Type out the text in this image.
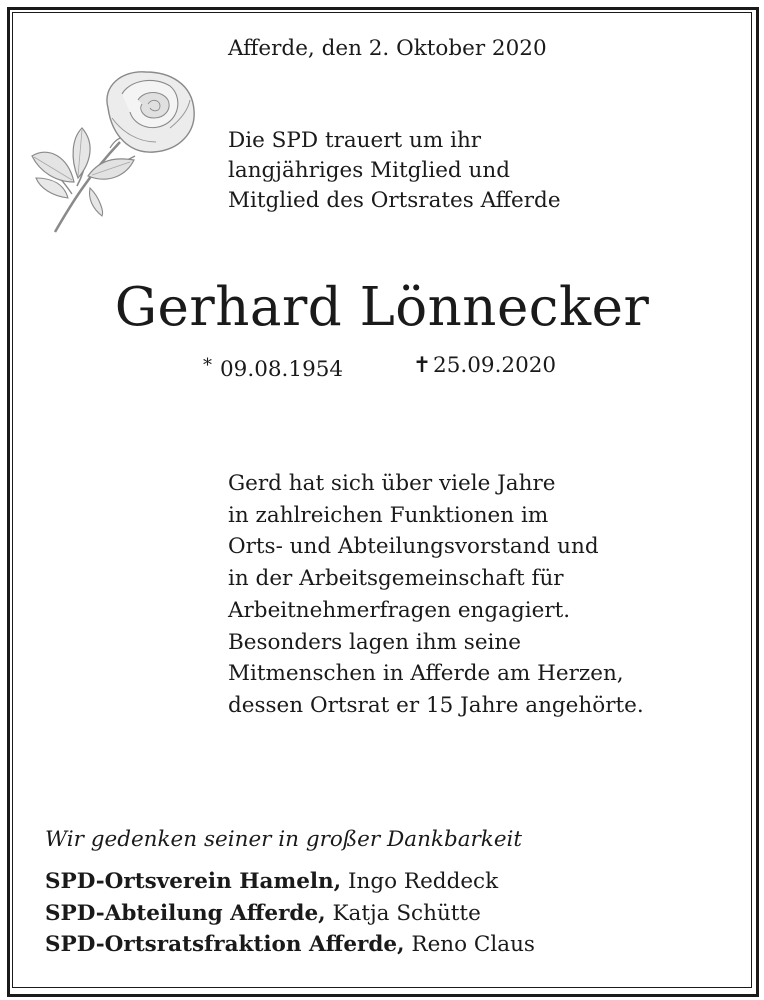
Afferde, den 2. Oktober 2020
Die SPD trauert um ihr
langjähriges Mitglied und
Mitglied des Ortsrates Afferde
Gerhard Lönnecker
* 09.08.1954	✝25.09.2020
Gerd hat sich über viele Jahre
in zahlreichen Funktionen im
Orts- und Abteilungsvorstand und
in der Arbeitsgemeinschaft für
Arbeitnehmerfragen engagiert.
Besonders lagen ihm seine
Mitmenschen in Afferde am Herzen,
dessen Ortsrat er 15 Jahre angehörte.
Wir gedenken seiner in großer Dankbarkeit
SPD-Ortsverein Hameln, Ingo Reddeck
SPD-Abteilung Afferde, Katja Schütte
SPD-Ortsratsfraktion Afferde, Reno Claus
